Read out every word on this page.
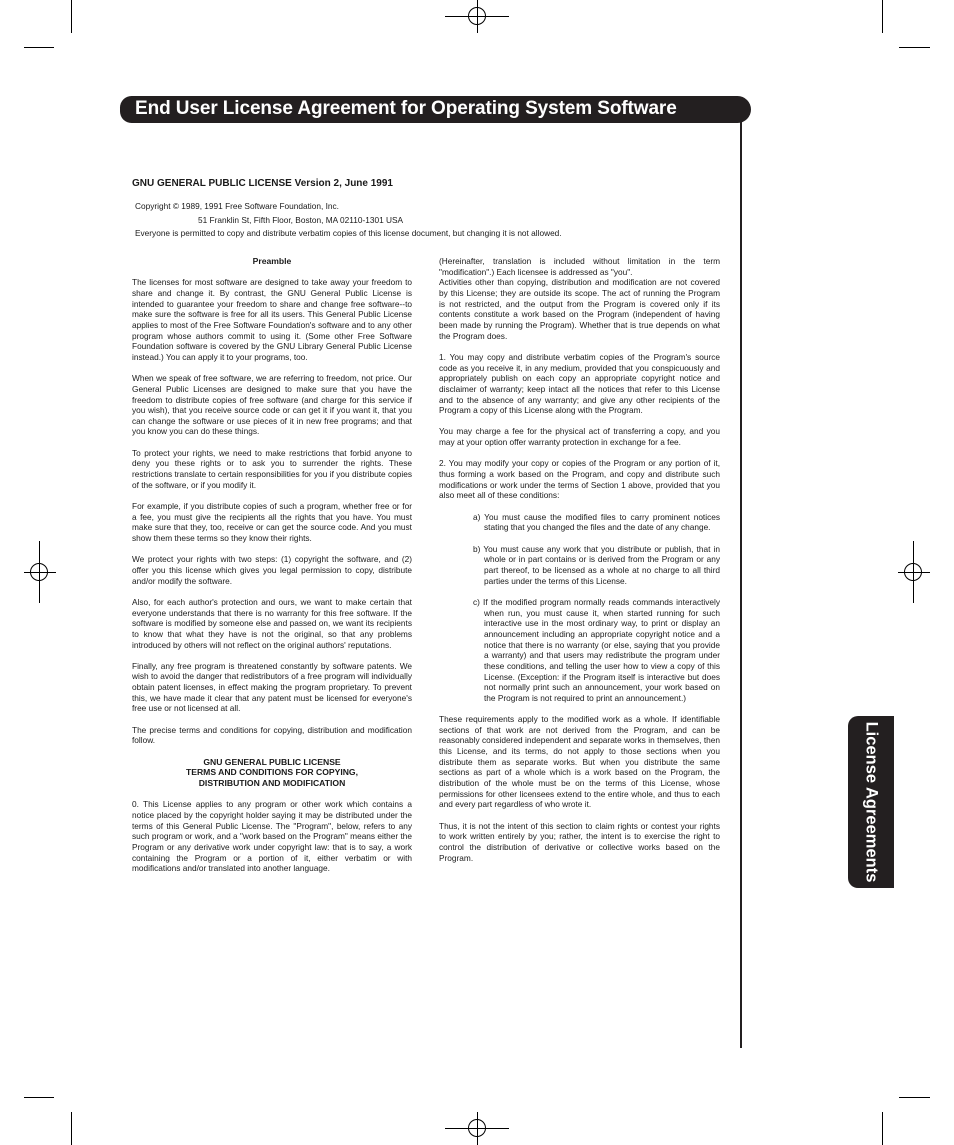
End User License Agreement for Operating System Software
License Agreements
GNU GENERAL PUBLIC LICENSE Version 2, June 1991
Copyright © 1989, 1991 Free Software Foundation, Inc.
51 Franklin St, Fifth Floor, Boston, MA 02110-1301 USA
Everyone is permitted to copy and distribute verbatim copies of this license document, but changing it is not allowed.

Preamble

The licenses for most software are designed to take away your freedom to share and change it. By contrast, the GNU General Public License is intended to guarantee your freedom to share and change free software--to make sure the software is free for all its users. This General Public License applies to most of the Free Software Foundation's software and to any other program whose authors commit to using it. (Some other Free Software Foundation software is covered by the GNU Library General Public License instead.) You can apply it to your programs, too.

When we speak of free software, we are referring to freedom, not price. Our General Public Licenses are designed to make sure that you have the freedom to distribute copies of free software (and charge for this service if you wish), that you receive source code or can get it if you want it, that you can change the software or use pieces of it in new free programs; and that you know you can do these things.

To protect your rights, we need to make restrictions that forbid anyone to deny you these rights or to ask you to surrender the rights. These restrictions translate to certain responsibilities for you if you distribute copies of the software, or if you modify it.

For example, if you distribute copies of such a program, whether free or for a fee, you must give the recipients all the rights that you have. You must make sure that they, too, receive or can get the source code. And you must show them these terms so they know their rights.

We protect your rights with two steps: (1) copyright the software, and (2) offer you this license which gives you legal permission to copy, distribute and/or modify the software.

Also, for each author's protection and ours, we want to make certain that everyone understands that there is no warranty for this free software. If the software is modified by someone else and passed on, we want its recipients to know that what they have is not the original, so that any problems introduced by others will not reflect on the original authors' reputations.

Finally, any free program is threatened constantly by software patents. We wish to avoid the danger that redistributors of a free program will individually obtain patent licenses, in effect making the program proprietary. To prevent this, we have made it clear that any patent must be licensed for everyone's free use or not licensed at all.

The precise terms and conditions for copying, distribution and modification follow.

GNU GENERAL PUBLIC LICENSE
TERMS AND CONDITIONS FOR COPYING,
DISTRIBUTION AND MODIFICATION

0. This License applies to any program or other work which contains a notice placed by the copyright holder saying it may be distributed under the terms of this General Public License. The "Program", below, refers to any such program or work, and a "work based on the Program" means either the Program or any derivative work under copyright law: that is to say, a work containing the Program or a portion of it, either verbatim or with modifications and/or translated into another language.

(Hereinafter, translation is included without limitation in the term "modification".) Each licensee is addressed as "you".

Activities other than copying, distribution and modification are not covered by this License; they are outside its scope. The act of running the Program is not restricted, and the output from the Program is covered only if its contents constitute a work based on the Program (independent of having been made by running the Program). Whether that is true depends on what the Program does.

1. You may copy and distribute verbatim copies of the Program's source code as you receive it, in any medium, provided that you conspicuously and appropriately publish on each copy an appropriate copyright notice and disclaimer of warranty; keep intact all the notices that refer to this License and to the absence of any warranty; and give any other recipients of the Program a copy of this License along with the Program.

You may charge a fee for the physical act of transferring a copy, and you may at your option offer warranty protection in exchange for a fee.

2. You may modify your copy or copies of the Program or any portion of it, thus forming a work based on the Program, and copy and distribute such modifications or work under the terms of Section 1 above, provided that you also meet all of these conditions:

a) You must cause the modified files to carry prominent notices stating that you changed the files and the date of any change.

b) You must cause any work that you distribute or publish, that in whole or in part contains or is derived from the Program or any part thereof, to be licensed as a whole at no charge to all third parties under the terms of this License.

c) If the modified program normally reads commands interactively when run, you must cause it, when started running for such interactive use in the most ordinary way, to print or display an announcement including an appropriate copyright notice and a notice that there is no warranty (or else, saying that you provide a warranty) and that users may redistribute the program under these conditions, and telling the user how to view a copy of this License. (Exception: if the Program itself is interactive but does not normally print such an announcement, your work based on the Program is not required to print an announcement.)

These requirements apply to the modified work as a whole. If identifiable sections of that work are not derived from the Program, and can be reasonably considered independent and separate works in themselves, then this License, and its terms, do not apply to those sections when you distribute them as separate works. But when you distribute the same sections as part of a whole which is a work based on the Program, the distribution of the whole must be on the terms of this License, whose permissions for other licensees extend to the entire whole, and thus to each and every part regardless of who wrote it.

Thus, it is not the intent of this section to claim rights or contest your rights to work written entirely by you; rather, the intent is to exercise the right to control the distribution of derivative or collective works based on the Program.
